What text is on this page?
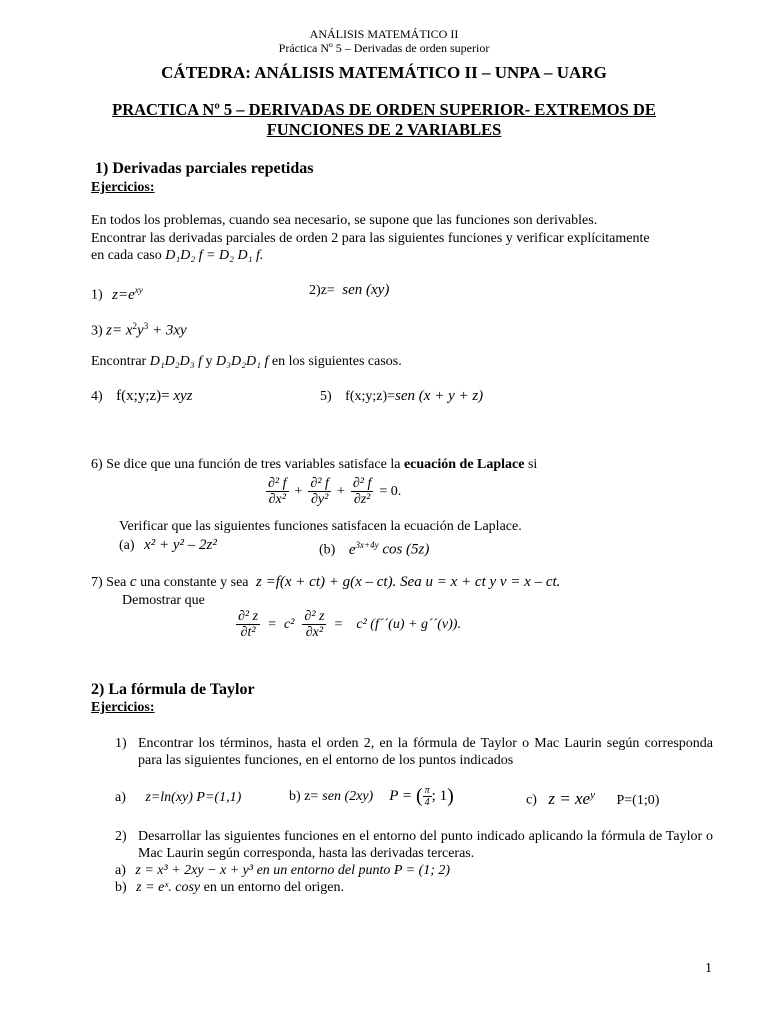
ANÁLISIS MATEMÁTICO II
Práctica Nº 5 – Derivadas de orden superior
CÁTEDRA: ANÁLISIS MATEMÁTICO II – UNPA – UARG
PRACTICA Nº 5 – DERIVADAS DE ORDEN SUPERIOR- EXTREMOS DE
FUNCIONES DE 2 VARIABLES
1) Derivadas parciales repetidas
Ejercicios:
En todos los problemas, cuando sea necesario, se supone que las funciones son derivables.
Encontrar las derivadas parciales de orden 2 para las siguientes funciones y verificar explícitamente
en cada caso D₁D₂ f = D₂ D₁ f.
1) $z=e^{xy}$	2)z= sen (xy)
3) $z= x^2y^3 + 3xy$
Encontrar D₁D₂D₃ f y D₃D₂D₁ f en los siguientes casos.
4) f(x;y;z)= xyz	5) f(x;y;z)=sen (x + y + z)
6) Se dice que una función de tres variables satisface la ecuación de Laplace si
$\frac{\text{∂² f}}{\text{∂x²}} + \frac{\text{∂² f}}{\text{∂y²}} + \frac{\text{∂² f}}{\text{∂z²}} = 0$.
Verificar que las siguientes funciones satisfacen la ecuación de Laplace.
(a) x² + y² – 2z²	(b) $e^{3x+4y}$ cos (5z)
7) Sea c una constante y sea z =f(x + ct) + g(x – ct). Sea u = x + ct y v = x – ct.
Demostrar que
$\frac{\text{∂² z}}{\text{∂t²}} = c^2 \frac{\text{∂² z}}{\text{∂x²}} = c^2$ (f´´(u) + g´´(v)).
2) La fórmula de Taylor
Ejercicios:
1) Encontrar los términos, hasta el orden 2, en la fórmula de Taylor o Mac Laurin según corresponda para las siguientes funciones, en el entorno de los puntos indicados
a) z=ln(xy) P=(1,1)	b) z= sen (2xy) P = ( $\frac{\pi}{4}$ ; 1 )	c) $z = xe^y$ P=(1;0)
2) Desarrollar las siguientes funciones en el entorno del punto indicado aplicando la fórmula de Taylor o Mac Laurin según corresponda, hasta las derivadas terceras.
a) z = x³ + 2xy − x + y³ en un entorno del punto P = (1; 2)
b) z = eˣ. cosy en un entorno del origen.
1
